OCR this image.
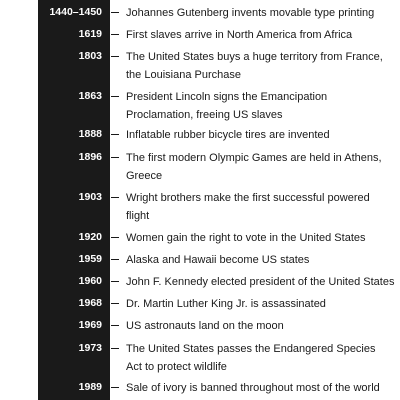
1440–1450 Johannes Gutenberg invents movable type printing
1619 First slaves arrive in North America from Africa
1803 The United States buys a huge territory from France, the Louisiana Purchase
1863 President Lincoln signs the Emancipation Proclamation, freeing US slaves
1888 Inflatable rubber bicycle tires are invented
1896 The first modern Olympic Games are held in Athens, Greece
1903 Wright brothers make the first successful powered flight
1920 Women gain the right to vote in the United States
1959 Alaska and Hawaii become US states
1960 John F. Kennedy elected president of the United States
1968 Dr. Martin Luther King Jr. is assassinated
1969 US astronauts land on the moon
1973 The United States passes the Endangered Species Act to protect wildlife
1989 Sale of ivory is banned throughout most of the world
